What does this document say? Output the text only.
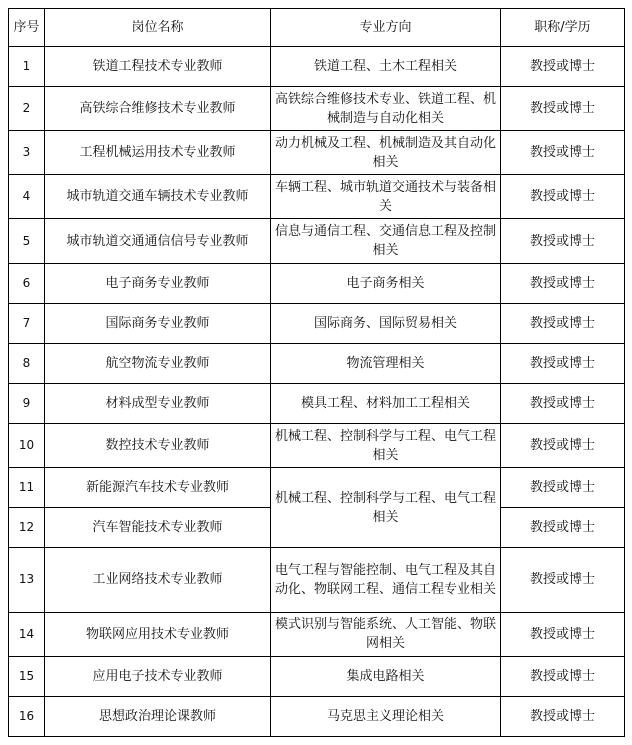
序号	岗位名称	专业方向	职称/学历
1	铁道工程技术专业教师	铁道工程、土木工程相关	教授或博士
2	高铁综合维修技术专业教师	高铁综合维修技术专业、铁道工程、机械制造与自动化相关	教授或博士
3	工程机械运用技术专业教师	动力机械及工程、机械制造及其自动化相关	教授或博士
4	城市轨道交通车辆技术专业教师	车辆工程、城市轨道交通技术与装备相关	教授或博士
5	城市轨道交通通信信号专业教师	信息与通信工程、交通信息工程及控制相关	教授或博士
6	电子商务专业教师	电子商务相关	教授或博士
7	国际商务专业教师	国际商务、国际贸易相关	教授或博士
8	航空物流专业教师	物流管理相关	教授或博士
9	材料成型专业教师	模具工程、材料加工工程相关	教授或博士
10	数控技术专业教师	机械工程、控制科学与工程、电气工程相关	教授或博士
11	新能源汽车技术专业教师	机械工程、控制科学与工程、电气工程相关	教授或博士
12	汽车智能技术专业教师		教授或博士
13	工业网络技术专业教师	电气工程与智能控制、电气工程及其自动化、物联网工程、通信工程专业相关	教授或博士
14	物联网应用技术专业教师	模式识别与智能系统、人工智能、物联网相关	教授或博士
15	应用电子技术专业教师	集成电路相关	教授或博士
16	思想政治理论课教师	马克思主义理论相关	教授或博士
